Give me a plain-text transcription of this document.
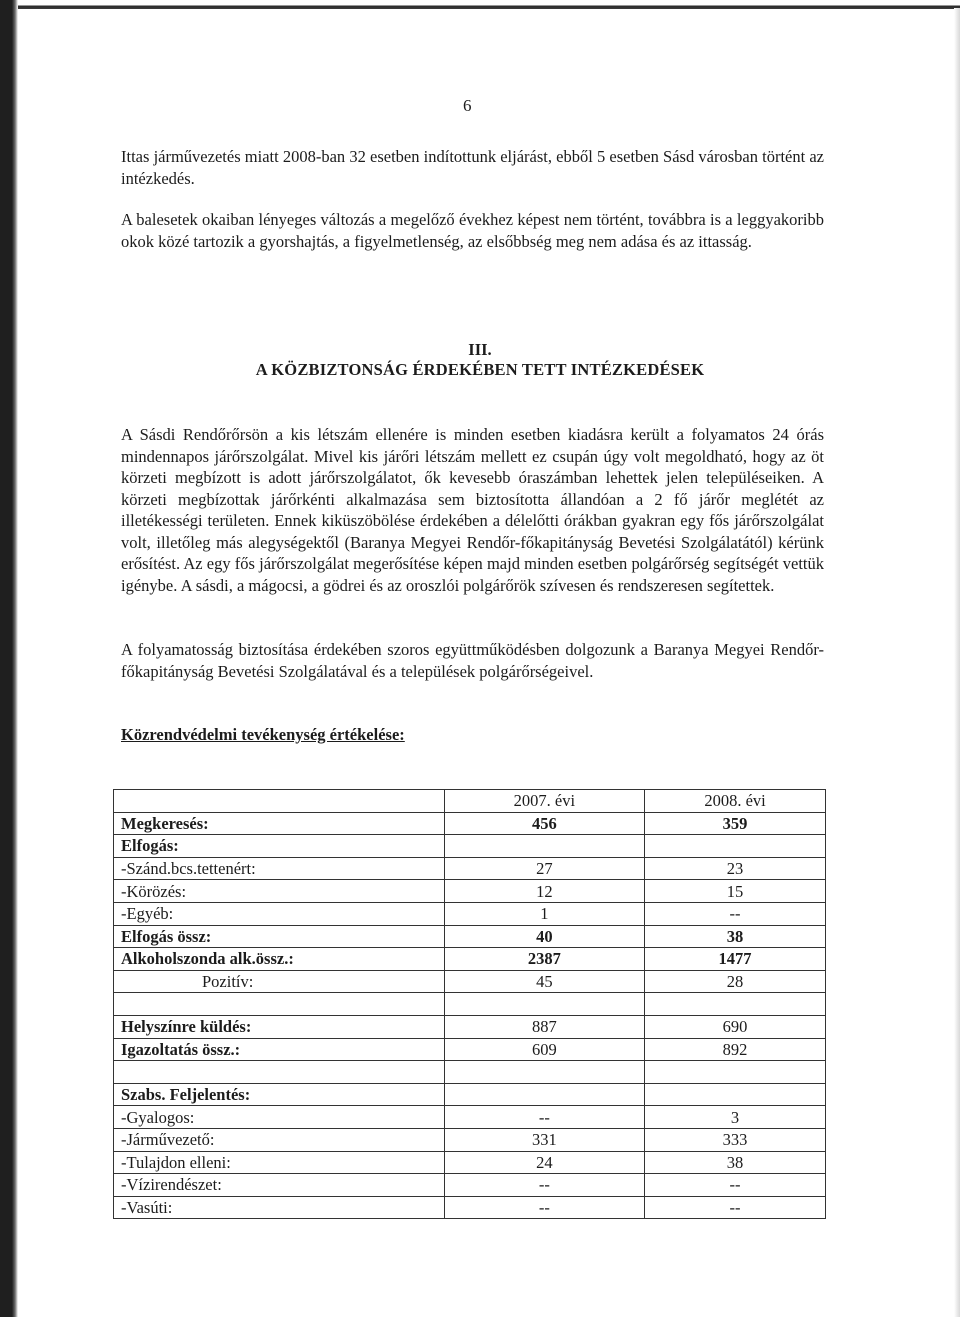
6

Ittas járművezetés miatt 2008-ban 32 esetben indítottunk eljárást, ebből 5 esetben Sásd városban történt az intézkedés.

A balesetek okaiban lényeges változás a megelőző évekhez képest nem történt, továbbra is a leggyakoribb okok közé tartozik a gyorshajtás, a figyelmetlenség, az elsőbbség meg nem adása és az ittasság.

III.

A KÖZBIZTONSÁG ÉRDEKÉBEN TETT INTÉZKEDÉSEK

A Sásdi Rendőrőrsön a kis létszám ellenére is minden esetben kiadásra került a folyamatos 24 órás mindennapos járőrszolgálat. Mivel kis járőri létszám mellett ez csupán úgy volt megoldható, hogy az öt körzeti megbízott is adott járőrszolgálatot, ők kevesebb óraszámban lehettek jelen településeiken. A körzeti megbízottak járőrkénti alkalmazása sem biztosította állandóan a 2 fő járőr meglétét az illetékességi területen. Ennek kiküszöbölése érdekében a délelőtti órákban gyakran egy fős járőrszolgálat volt, illetőleg más alegységektől (Baranya Megyei Rendőr-főkapitányság Bevetési Szolgálatától) kérünk erősítést. Az egy fős járőrszolgálat megerősítése képen majd minden esetben polgárőrség segítségét vettük igénybe. A sásdi, a mágocsi, a gödrei és az oroszlói polgárőrök szívesen és rendszeresen segítettek.

A folyamatosság biztosítása érdekében szoros együttműködésben dolgozunk a Baranya Megyei Rendőr-főkapitányság Bevetési Szolgálatával és a települések polgárőrségeivel.

Közrendvédelmi tevékenység értékelése:

	2007. évi	2008. évi
Megkeresés:	456	359
Elfogás:		
-Szánd.bcs.tettenért:	27	23
-Körözés:	12	15
-Egyéb:	1	--
Elfogás össz:	40	38
Alkoholszonda alk.össz.:	2387	1477
Pozitív:	45	28

Helyszínre küldés:	887	690
Igazoltatás össz.:	609	892

Szabs. Feljelentés:		
-Gyalogos:	--	3
-Járművezető:	331	333
-Tulajdon elleni:	24	38
-Vízirendészet:	--	--
-Vasúti:	--	--
